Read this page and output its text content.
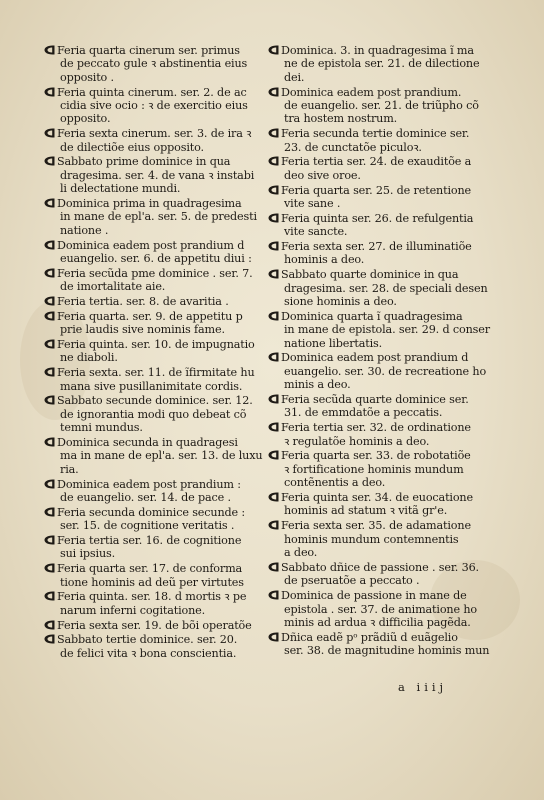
Feria quarta cinerum ser. primus
de peccato gule ꝛ abstinentia eius
opposito .
Feria quinta cinerum. ser. 2. de ac
cidia sive ocio : ꝛ de exercitio eius
opposito.
Feria sexta cinerum. ser. 3. de ira ꝛ
de dilectiõe eius opposito.
Sabbato prime dominice in qua
dragesima. ser. 4. de vana ꝛ instabi
li delectatione mundi.
Dominica prima in quadragesima
in mane de epl'a. ser. 5. de predesti
natione .
Dominica eadem post prandium d
euangelio. ser. 6. de appetitu diui :
Feria secũda pme dominice . ser. 7.
de imortalitate aie.
Feria tertia. ser. 8. de avaritia .
Feria quarta. ser. 9. de appetitu p
prie laudis sive nominis fame.
Feria quinta. ser. 10. de impugnatio
ne diaboli.
Feria sexta. ser. 11. de ĩfirmitate hu
mana sive pusillanimitate cordis.
Sabbato secunde dominice. ser. 12.
de ignorantia modi quo debeat cõ
temni mundus.
Dominica secunda in quadragesi
ma in mane de epl'a. ser. 13. de luxu
ria.
Dominica eadem post prandium :
de euangelio. ser. 14. de pace .
Feria secunda dominice secunde :
ser. 15. de cognitione veritatis .
Feria tertia ser. 16. de cognitione
sui ipsius.
Feria quarta ser. 17. de conforma
tione hominis ad deũ per virtutes
Feria quinta. ser. 18. d mortis ꝛ pe
narum inferni cogitatione.
Feria sexta ser. 19. de bõi operatõe
Sabbato tertie dominice. ser. 20.
de felici vita ꝛ bona conscientia.
Dominica. 3. in quadragesima ĩ ma
ne de epistola ser. 21. de dilectione
dei.
Dominica eadem post prandium.
de euangelio. ser. 21. de triũpho cõ
tra hostem nostrum.
Feria secunda tertie dominice ser.
23. de cunctatõe piculoꝛ.
Feria tertia ser. 24. de exauditõe a
deo sive oroe.
Feria quarta ser. 25. de retentione
vite sane .
Feria quinta ser. 26. de refulgentia
vite sancte.
Feria sexta ser. 27. de illuminatiõe
hominis a deo.
Sabbato quarte dominice in qua
dragesima. ser. 28. de speciali desen
sione hominis a deo.
Dominica quarta ĩ quadragesima
in mane de epistola. ser. 29. d conser
natione libertatis.
Dominica eadem post prandium d
euangelio. ser. 30. de recreatione ho
minis a deo.
Feria secũda quarte dominice ser.
31. de emmdatõe a peccatis.
Feria tertia ser. 32. de ordinatione
ꝛ regulatõe hominis a deo.
Feria quarta ser. 33. de robotatiõe
ꝛ fortificatione hominis mundum
contẽnentis a deo.
Feria quinta ser. 34. de euocatione
hominis ad statum ꝛ vitã gr'e.
Feria sexta ser. 35. de adamatione
hominis mundum contemnentis
a deo.
Sabbato dñice de passione . ser. 36.
de pseruatõe a peccato .
Dominica de passione in mane de
epistola . ser. 37. de animatione ho
minis ad ardua ꝛ difficilia pagẽda.
Dñica eadẽ pᵒ prãdiũ d euãgelio
ser. 38. de magnitudine hominis mun
a iiij
